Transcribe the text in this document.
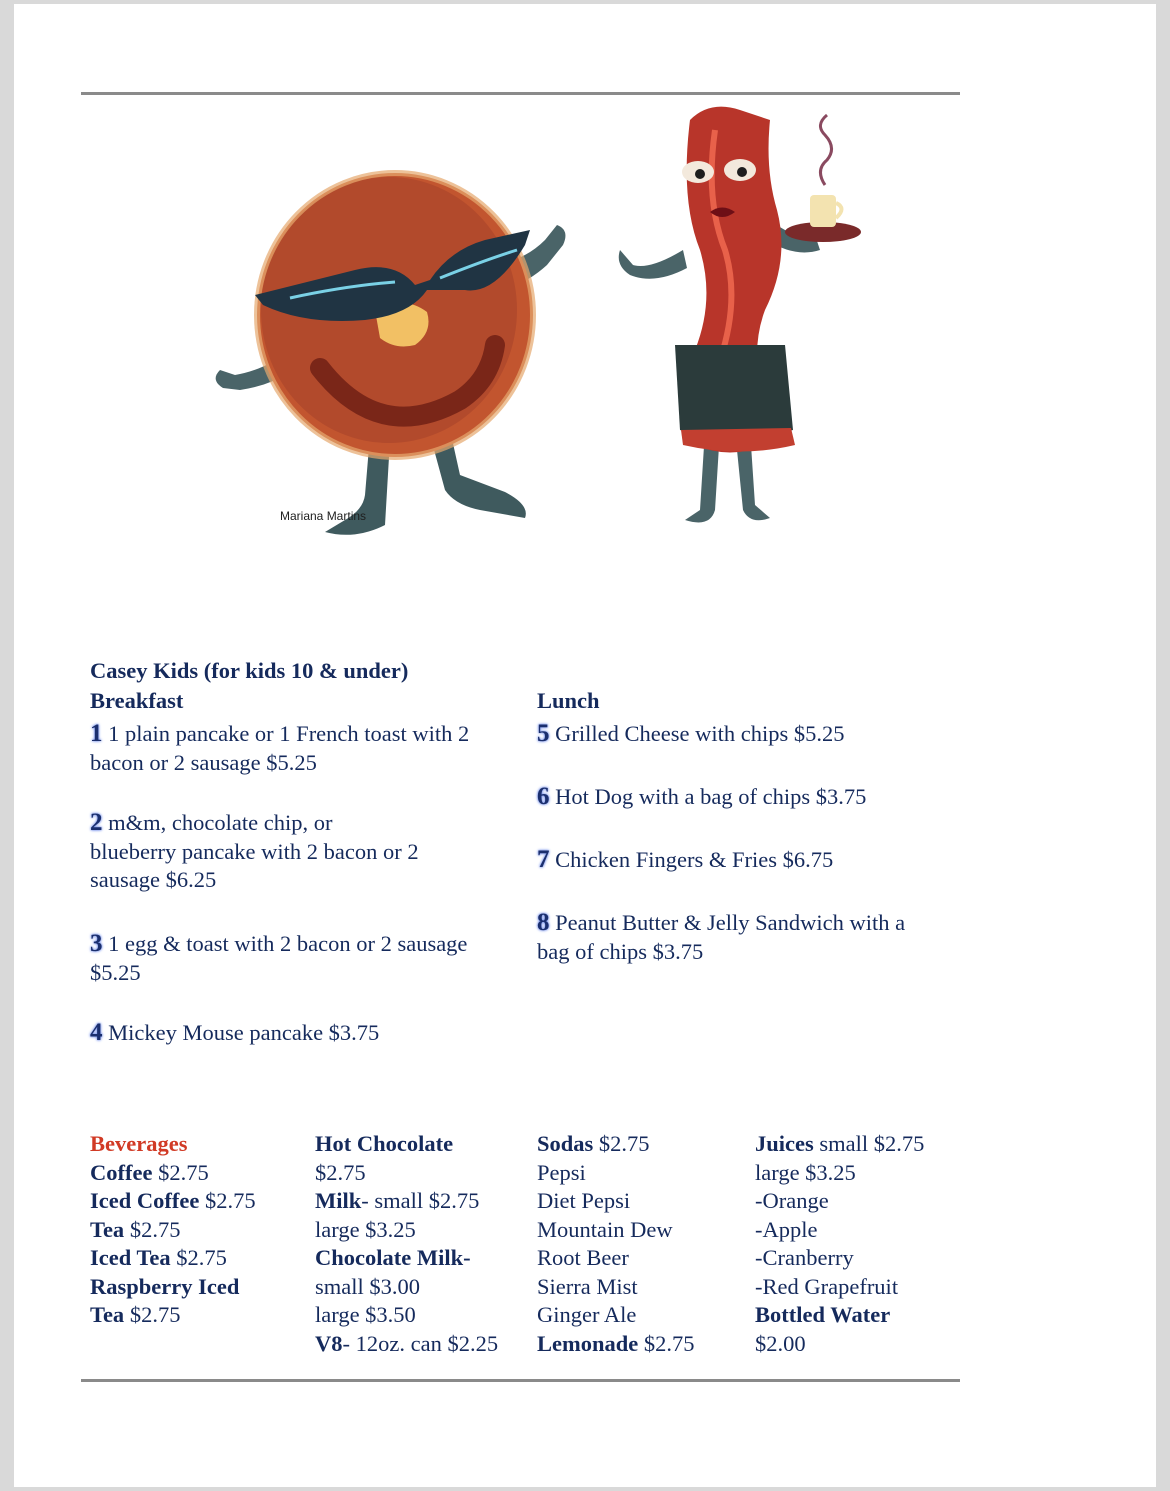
Mariana Martins
Casey Kids (for kids 10 & under)
Breakfast
1 1 plain pancake or 1 French toast with 2
bacon or 2 sausage $5.25
2 m&m, chocolate chip, or
blueberry pancake with 2 bacon or 2
sausage $6.25
3 1 egg & toast with 2 bacon or 2 sausage
$5.25
4 Mickey Mouse pancake $3.75
Lunch
5 Grilled Cheese with chips $5.25
6 Hot Dog with a bag of chips $3.75
7 Chicken Fingers & Fries $6.75
8 Peanut Butter & Jelly Sandwich with a
bag of chips $3.75
Beverages
Coffee $2.75
Iced Coffee $2.75
Tea $2.75
Iced Tea $2.75
Raspberry Iced
Tea $2.75
Hot Chocolate
$2.75
Milk- small $2.75
large $3.25
Chocolate Milk-
small $3.00
large $3.50
V8- 12oz. can $2.25
Sodas $2.75
Pepsi
Diet Pepsi
Mountain Dew
Root Beer
Sierra Mist
Ginger Ale
Lemonade $2.75
Juices small $2.75
large $3.25
-Orange
-Apple
-Cranberry
-Red Grapefruit
Bottled Water
$2.00
